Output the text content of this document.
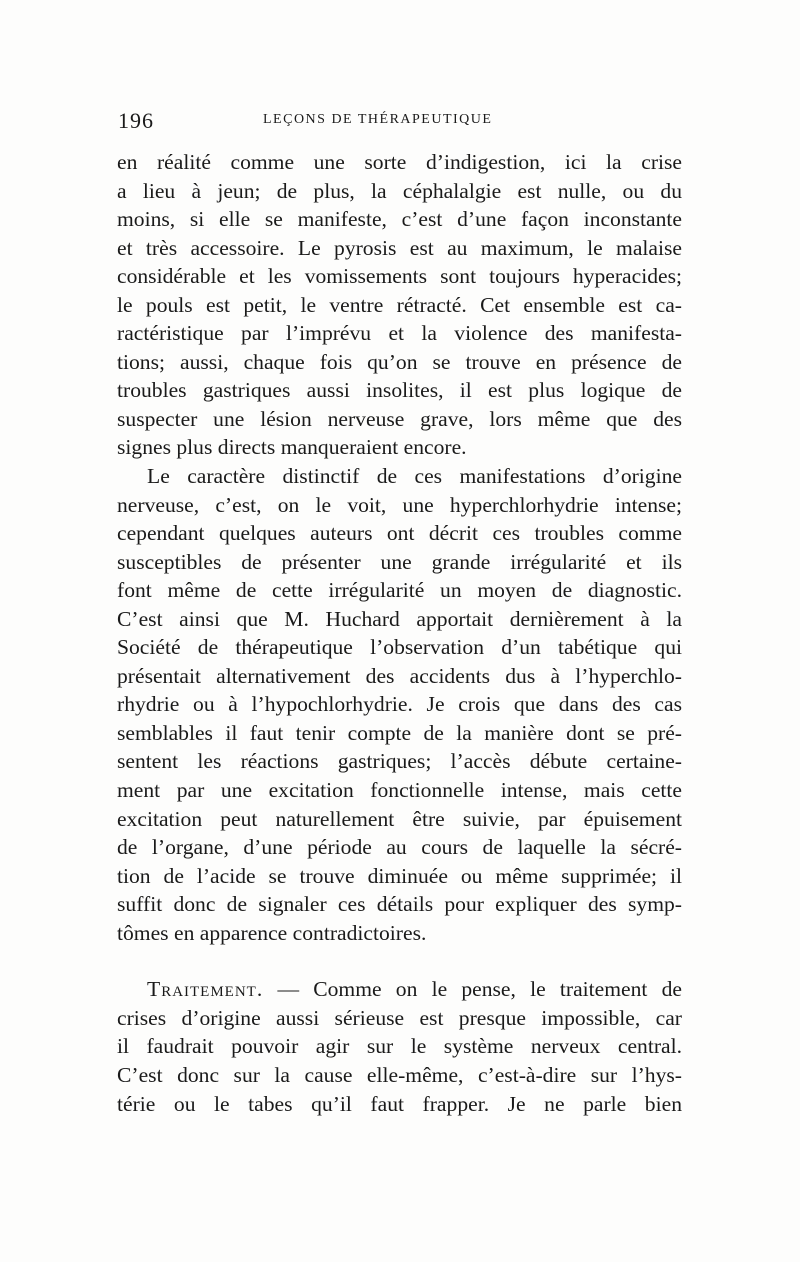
196	LEÇONS DE THÉRAPEUTIQUE
en réalité comme une sorte d’indigestion, ici la crise
a lieu à jeun; de plus, la céphalalgie est nulle, ou du
moins, si elle se manifeste, c’est d’une façon inconstante
et très accessoire. Le pyrosis est au maximum, le malaise
considérable et les vomissements sont toujours hyperacides;
le pouls est petit, le ventre rétracté. Cet ensemble est ca-
ractéristique par l’imprévu et la violence des manifesta-
tions; aussi, chaque fois qu’on se trouve en présence de
troubles gastriques aussi insolites, il est plus logique de
suspecter une lésion nerveuse grave, lors même que des
signes plus directs manqueraient encore.
Le caractère distinctif de ces manifestations d’origine
nerveuse, c’est, on le voit, une hyperchlorhydrie intense;
cependant quelques auteurs ont décrit ces troubles comme
susceptibles de présenter une grande irrégularité et ils
font même de cette irrégularité un moyen de diagnostic.
C’est ainsi que M. Huchard apportait dernièrement à la
Société de thérapeutique l’observation d’un tabétique qui
présentait alternativement des accidents dus à l’hyperchlo-
rhydrie ou à l’hypochlorhydrie. Je crois que dans des cas
semblables il faut tenir compte de la manière dont se pré-
sentent les réactions gastriques; l’accès débute certaine-
ment par une excitation fonctionnelle intense, mais cette
excitation peut naturellement être suivie, par épuisement
de l’organe, d’une période au cours de laquelle la sécré-
tion de l’acide se trouve diminuée ou même supprimée; il
suffit donc de signaler ces détails pour expliquer des symp-
tômes en apparence contradictoires.
Traitement. — Comme on le pense, le traitement de
crises d’origine aussi sérieuse est presque impossible, car
il faudrait pouvoir agir sur le système nerveux central.
C’est donc sur la cause elle-même, c’est-à-dire sur l’hys-
térie ou le tabes qu’il faut frapper. Je ne parle bien
